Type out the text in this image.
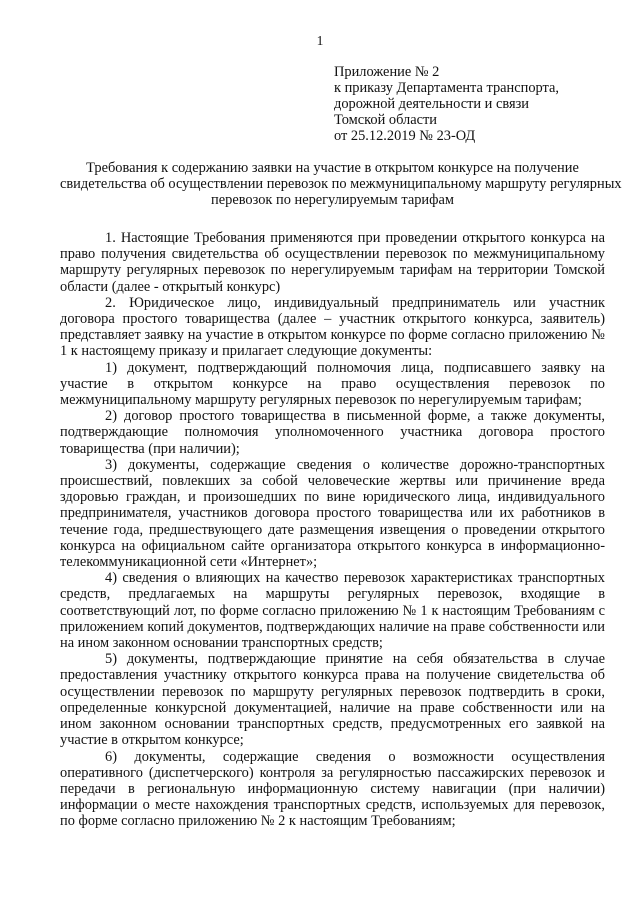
1
Приложение № 2
к приказу Департамента транспорта,
дорожной деятельности и связи
Томской области
от 25.12.2019 № 23-ОД
Требования к содержанию заявки на участие в открытом конкурсе на получение
свидетельства об осуществлении перевозок по межмуниципальному маршруту регулярных
перевозок по нерегулируемым тарифам

1. Настоящие Требования применяются при проведении открытого конкурса на право получения свидетельства об осуществлении перевозок по межмуниципальному маршруту регулярных перевозок по нерегулируемым тарифам на территории Томской области (далее - открытый конкурс)

2. Юридическое лицо, индивидуальный предприниматель или участник договора простого товарищества (далее – участник открытого конкурса, заявитель) представляет заявку на участие в открытом конкурсе по форме согласно приложению № 1 к настоящему приказу и прилагает следующие документы:

1) документ, подтверждающий полномочия лица, подписавшего заявку на участие в открытом конкурсе на право осуществления перевозок по межмуниципальному маршруту регулярных перевозок по нерегулируемым тарифам;

2) договор простого товарищества в письменной форме, а также документы, подтверждающие полномочия уполномоченного участника договора простого товарищества (при наличии);

3) документы, содержащие сведения о количестве дорожно-транспортных происшествий, повлекших за собой человеческие жертвы или причинение вреда здоровью граждан, и произошедших по вине юридического лица, индивидуального предпринимателя, участников договора простого товарищества или их работников в течение года, предшествующего дате размещения извещения о проведении открытого конкурса на официальном сайте организатора открытого конкурса в информационно-телекоммуникационной сети «Интернет»;

4) сведения о влияющих на качество перевозок характеристиках транспортных средств, предлагаемых на маршруты регулярных перевозок, входящие в соответствующий лот, по форме согласно приложению № 1 к настоящим Требованиям с приложением копий документов, подтверждающих наличие на праве собственности или на ином законном основании транспортных средств;

5) документы, подтверждающие принятие на себя обязательства в случае предоставления участнику открытого конкурса права на получение свидетельства об осуществлении перевозок по маршруту регулярных перевозок подтвердить в сроки, определенные конкурсной документацией, наличие на праве собственности или на ином законном основании транспортных средств, предусмотренных его заявкой на участие в открытом конкурсе;

6) документы, содержащие сведения о возможности осуществления оперативного (диспетчерского) контроля за регулярностью пассажирских перевозок и передачи в региональную информационную систему навигации (при наличии) информации о месте нахождения транспортных средств, используемых для перевозок, по форме согласно приложению № 2 к настоящим Требованиям;
